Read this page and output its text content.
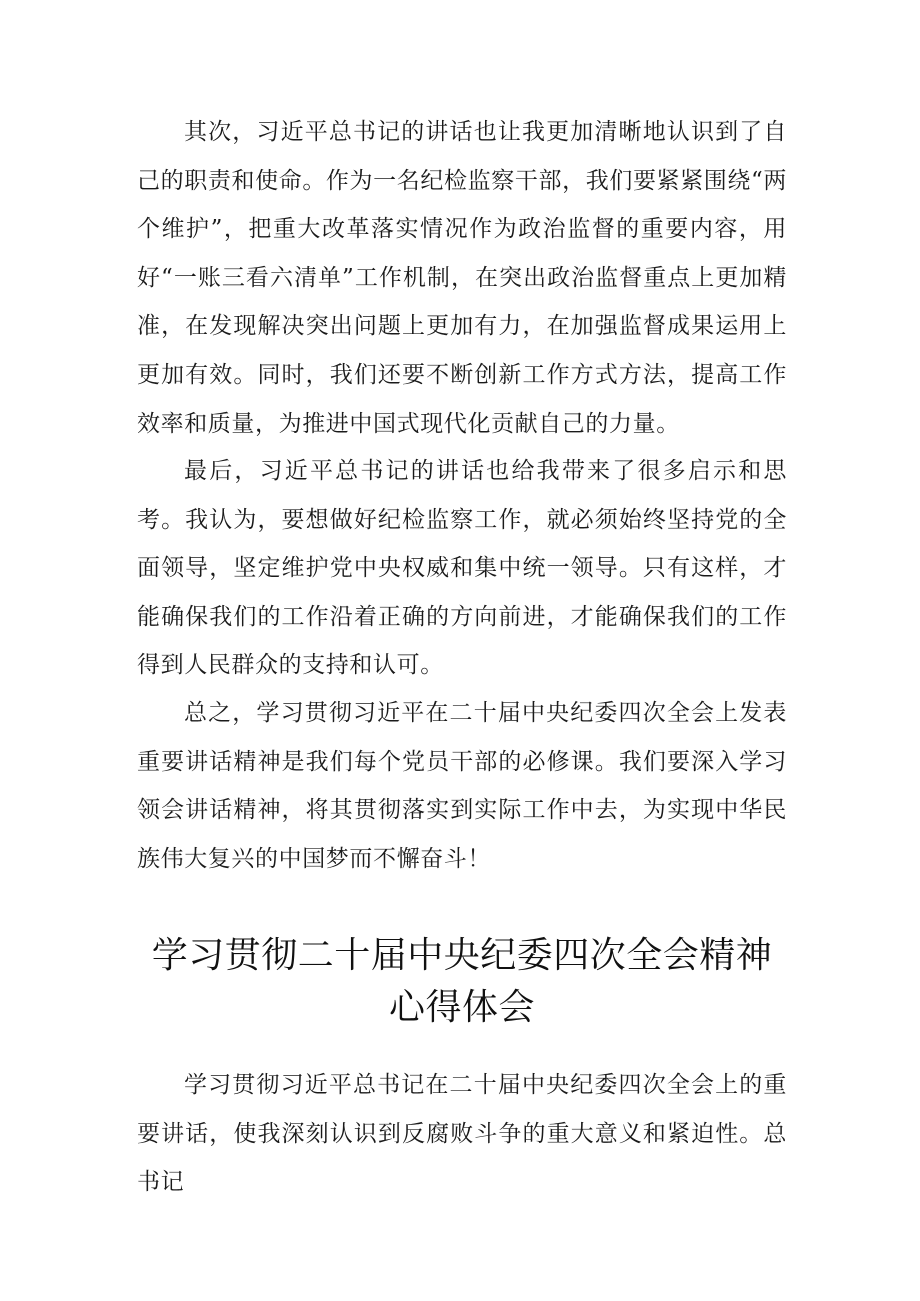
其次，习近平总书记的讲话也让我更加清晰地认识到了自己的职责和使命。作为一名纪检监察干部，我们要紧紧围绕“两个维护”，把重大改革落实情况作为政治监督的重要内容，用好“一账三看六清单”工作机制，在突出政治监督重点上更加精准，在发现解决突出问题上更加有力，在加强监督成果运用上更加有效。同时，我们还要不断创新工作方式方法，提高工作效率和质量，为推进中国式现代化贡献自己的力量。

最后，习近平总书记的讲话也给我带来了很多启示和思考。我认为，要想做好纪检监察工作，就必须始终坚持党的全面领导，坚定维护党中央权威和集中统一领导。只有这样，才能确保我们的工作沿着正确的方向前进，才能确保我们的工作得到人民群众的支持和认可。

总之，学习贯彻习近平在二十届中央纪委四次全会上发表重要讲话精神是我们每个党员干部的必修课。我们要深入学习领会讲话精神，将其贯彻落实到实际工作中去，为实现中华民族伟大复兴的中国梦而不懈奋斗！

学习贯彻二十届中央纪委四次全会精神心得体会

学习贯彻习近平总书记在二十届中央纪委四次全会上的重要讲话，使我深刻认识到反腐败斗争的重大意义和紧迫性。总书记
